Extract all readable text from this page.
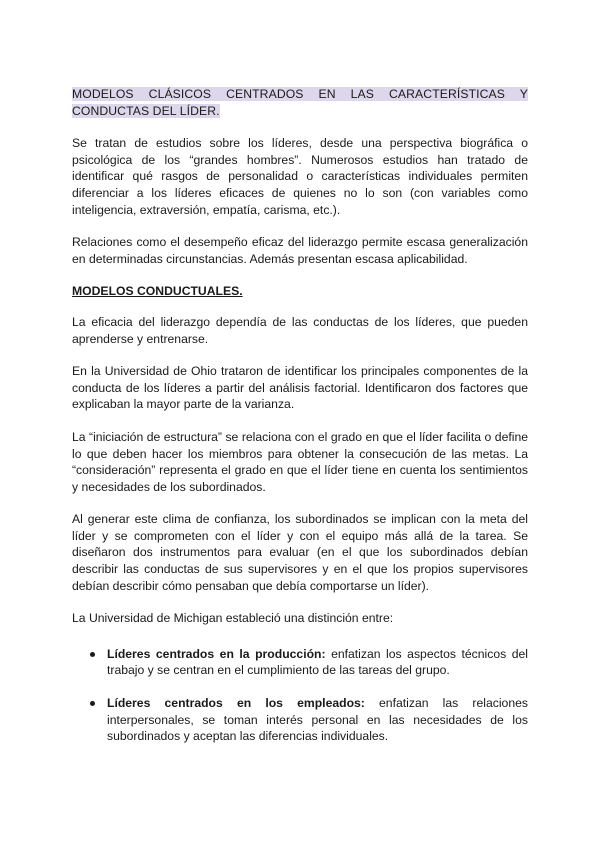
MODELOS CLÁSICOS CENTRADOS EN LAS CARACTERÍSTICAS Y CONDUCTAS DEL LÍDER.

Se tratan de estudios sobre los líderes, desde una perspectiva biográfica o psicológica de los “grandes hombres”. Numerosos estudios han tratado de identificar qué rasgos de personalidad o características individuales permiten diferenciar a los líderes eficaces de quienes no lo son (con variables como inteligencia, extraversión, empatía, carisma, etc.).

Relaciones como el desempeño eficaz del liderazgo permite escasa generalización en determinadas circunstancias. Además presentan escasa aplicabilidad.

MODELOS CONDUCTUALES.

La eficacia del liderazgo dependía de las conductas de los líderes, que pueden aprenderse y entrenarse.

En la Universidad de Ohio trataron de identificar los principales componentes de la conducta de los líderes a partir del análisis factorial. Identificaron dos factores que explicaban la mayor parte de la varianza.

La “iniciación de estructura” se relaciona con el grado en que el líder facilita o define lo que deben hacer los miembros para obtener la consecución de las metas. La “consideración” representa el grado en que el líder tiene en cuenta los sentimientos y necesidades de los subordinados.

Al generar este clima de confianza, los subordinados se implican con la meta del líder y se comprometen con el líder y con el equipo más allá de la tarea. Se diseñaron dos instrumentos para evaluar (en el que los subordinados debían describir las conductas de sus supervisores y en el que los propios supervisores debían describir cómo pensaban que debía comportarse un líder).

La Universidad de Michigan estableció una distinción entre:

Líderes centrados en la producción: enfatizan los aspectos técnicos del trabajo y se centran en el cumplimiento de las tareas del grupo.
Líderes centrados en los empleados: enfatizan las relaciones interpersonales, se toman interés personal en las necesidades de los subordinados y aceptan las diferencias individuales.
